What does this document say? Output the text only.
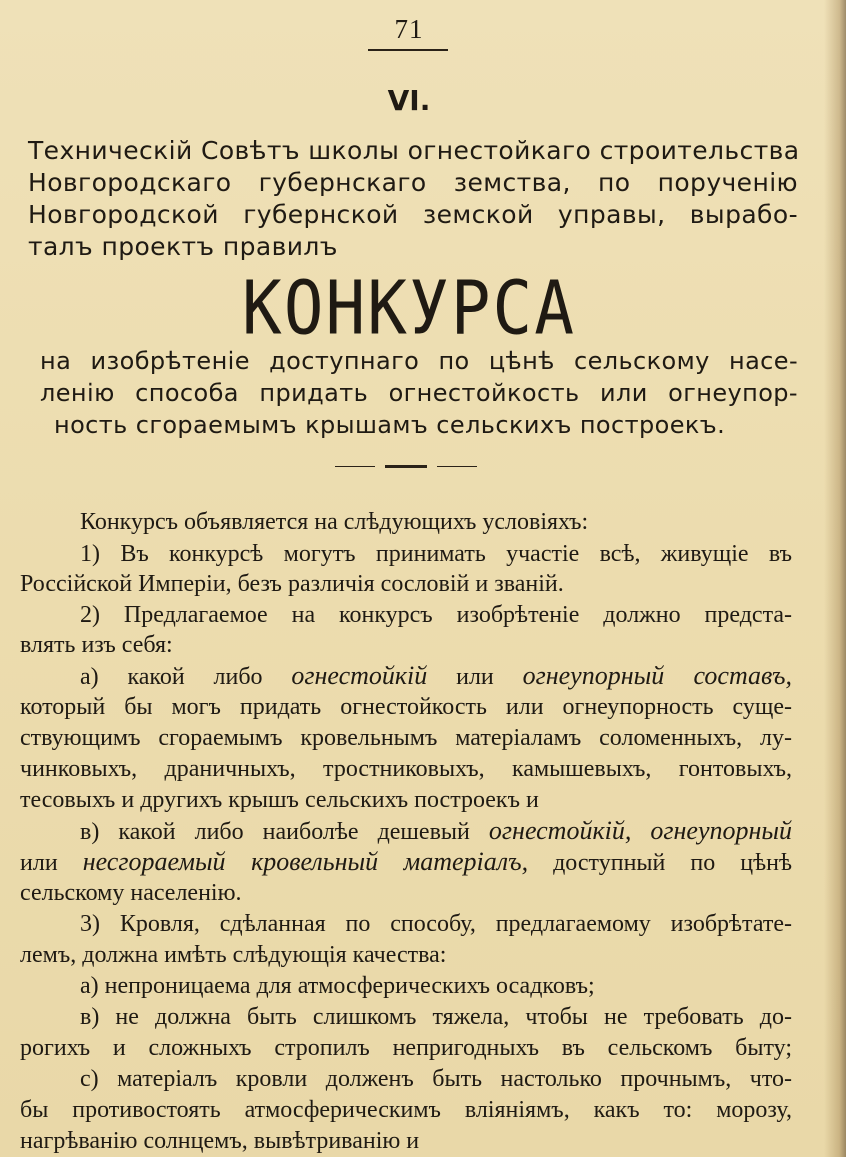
71
VI.
Техническій Совѣтъ школы огнестойкаго строительства
Новгородскаго губернскаго земства, по порученію
Новгородской губернской земской управы, вырабо-
талъ проектъ правилъ
КОНКУРСА
на изобрѣтеніе доступнаго по цѣнѣ сельскому насе-
ленію способа придать огнестойкость или огнеупор-
ность сгораемымъ крышамъ сельскихъ построекъ.
Конкурсъ объявляется на слѣдующихъ условіяхъ:
1) Въ конкурсѣ могутъ принимать участіе всѣ, живущіе въ
Россійской Имперіи, безъ различія сословій и званій.
2) Предлагаемое на конкурсъ изобрѣтеніе должно предста-
влять изъ себя:
а) какой либо огнестойкій или огнеупорный составъ,
который бы могъ придать огнестойкость или огнеупорность суще-
ствующимъ сгораемымъ кровельнымъ матеріаламъ соломенныхъ, лу-
чинковыхъ, драничныхъ, тростниковыхъ, камышевыхъ, гонтовыхъ,
тесовыхъ и другихъ крышъ сельскихъ построекъ и
в) какой либо наиболѣе дешевый огнестойкій, огнеупорный
или несгораемый кровельный матеріалъ, доступный по цѣнѣ
сельскому населенію.
3) Кровля, сдѣланная по способу, предлагаемому изобрѣтате-
лемъ, должна имѣть слѣдующія качества:
а) непроницаема для атмосферическихъ осадковъ;
в) не должна быть слишкомъ тяжела, чтобы не требовать до-
рогихъ и сложныхъ стропилъ непригодныхъ въ сельскомъ быту;
с) матеріалъ кровли долженъ быть настолько прочнымъ, что-
бы противостоять атмосферическимъ вліяніямъ, какъ то: морозу,
нагрѣванію солнцемъ, вывѣтриванію и
